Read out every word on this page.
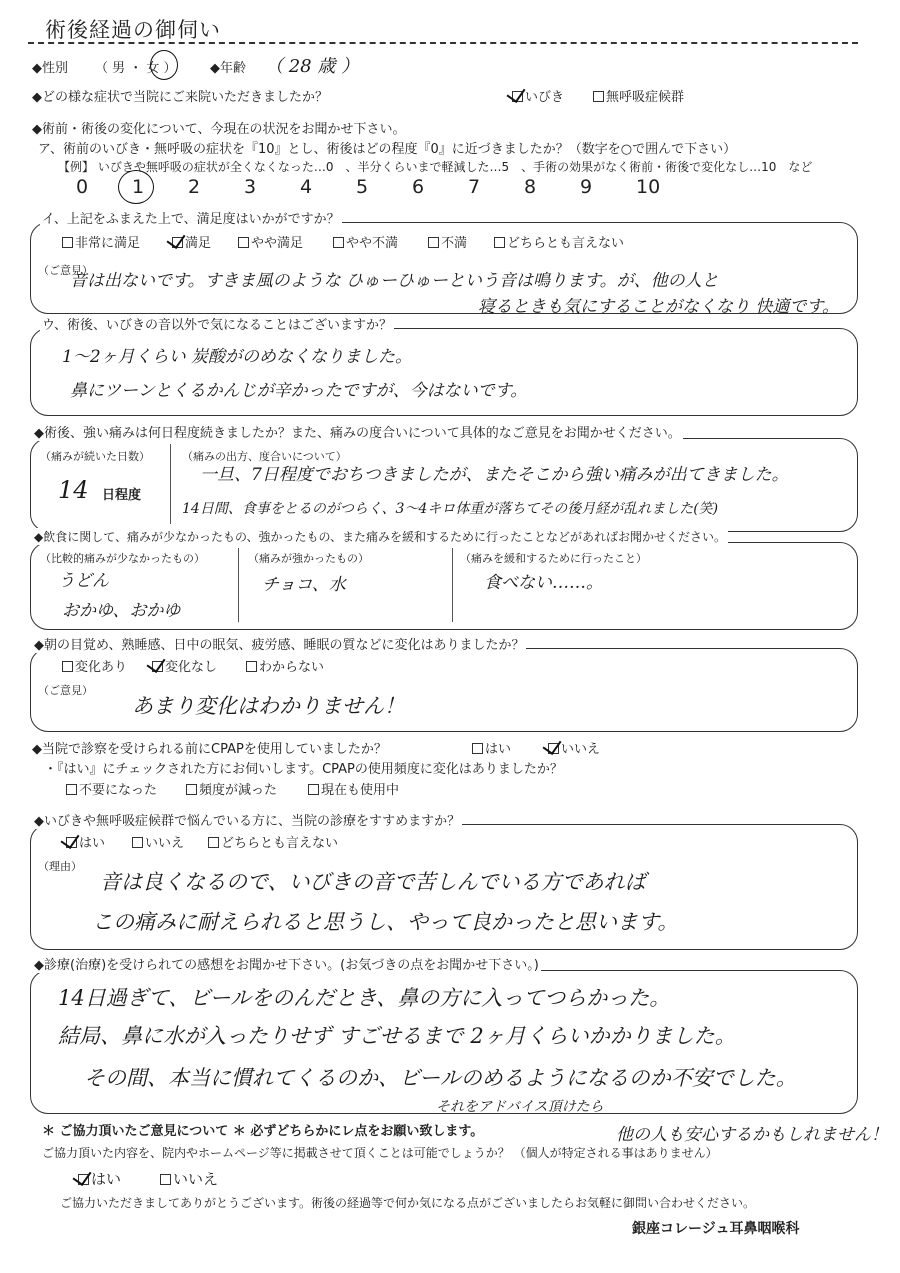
術後経過の御伺い
◆性別 （ 男 ・ 女 ）	◆年齢 （ 28 歳 ）
◆どの様な症状で当院にご来院いただきましたか？	いびき	無呼吸症候群
◆術前・術後の変化について、今現在の状況をお聞かせ下さい。
ア、術前のいびき・無呼吸の症状を『10』とし、術後はどの程度『0』に近づきましたか？（数字を○で囲んで下さい）
【例】 いびきや無呼吸の症状が全くなくなった…0　、半分くらいまで軽減した…5　、手術の効果がなく術前・術後で変化なし…10　など
0 1 2 3 4 5 6 7 8 9 10
イ、上記をふまえた上で、満足度はいかがですか？
非常に満足	満足	やや満足	やや不満	不満	どちらとも言えない
（ご意見）
音は出ないです。すきま風のような ひゅーひゅーという音は鳴ります。が、他の人と
寝るときも気にすることがなくなり 快適です。
ウ、術後、いびきの音以外で気になることはございますか？
1～2ヶ月くらい 炭酸がのめなくなりました。
鼻にツーンとくるかんじが辛かったですが、今はないです。
◆術後、強い痛みは何日程度続きましたか？また、痛みの度合いについて具体的なご意見をお聞かせください。
（痛みが続いた日数）
14 日程度
（痛みの出方、度合いについて）
一旦、7日程度でおちつきましたが、またそこから強い痛みが出てきました。
14日間、食事をとるのがつらく、3～4キロ体重が落ちてその後月経が乱れました(笑)
◆飲食に関して、痛みが少なかったもの、強かったもの、また痛みを緩和するために行ったことなどがあればお聞かせください。
（比較的痛みが少なかったもの）
うどん
おかゆ、おかゆ
（痛みが強かったもの）
チョコ、水
（痛みを緩和するために行ったこと）
食べない……。
◆朝の目覚め、熟睡感、日中の眠気、疲労感、睡眠の質などに変化はありましたか？
変化あり	変化なし	わからない
（ご意見）
あまり変化はわかりません！
◆当院で診察を受けられる前にCPAPを使用していましたか？	はい	いいえ
・『はい』にチェックされた方にお伺いします。CPAPの使用頻度に変化はありましたか？
不要になった	頻度が減った	現在も使用中
◆いびきや無呼吸症候群で悩んでいる方に、当院の診療をすすめますか？
はい	いいえ	どちらとも言えない
（理由）
音は良くなるので、いびきの音で苦しんでいる方であれば
この痛みに耐えられると思うし、やって良かったと思います。
◆診療(治療)を受けられての感想をお聞かせ下さい。(お気づきの点をお聞かせ下さい。)
14日過ぎて、ビールをのんだとき、鼻の方に入ってつらかった。
結局、鼻に水が入ったりせず すごせるまで 2ヶ月くらいかかりました。
その間、本当に慣れてくるのか、ビールのめるようになるのか不安でした。
それをアドバイス頂けたら
他の人も安心するかもしれません！
＊ ご協力頂いたご意見について ＊ 必ずどちらかにレ点をお願い致します。
ご協力頂いた内容を、院内やホームページ等に掲載させて頂くことは可能でしょうか？ （個人が特定される事はありません）
はい	いいえ
ご協力いただきましてありがとうございます。術後の経過等で何か気になる点がございましたらお気軽に御問い合わせください。
銀座コレージュ耳鼻咽喉科
